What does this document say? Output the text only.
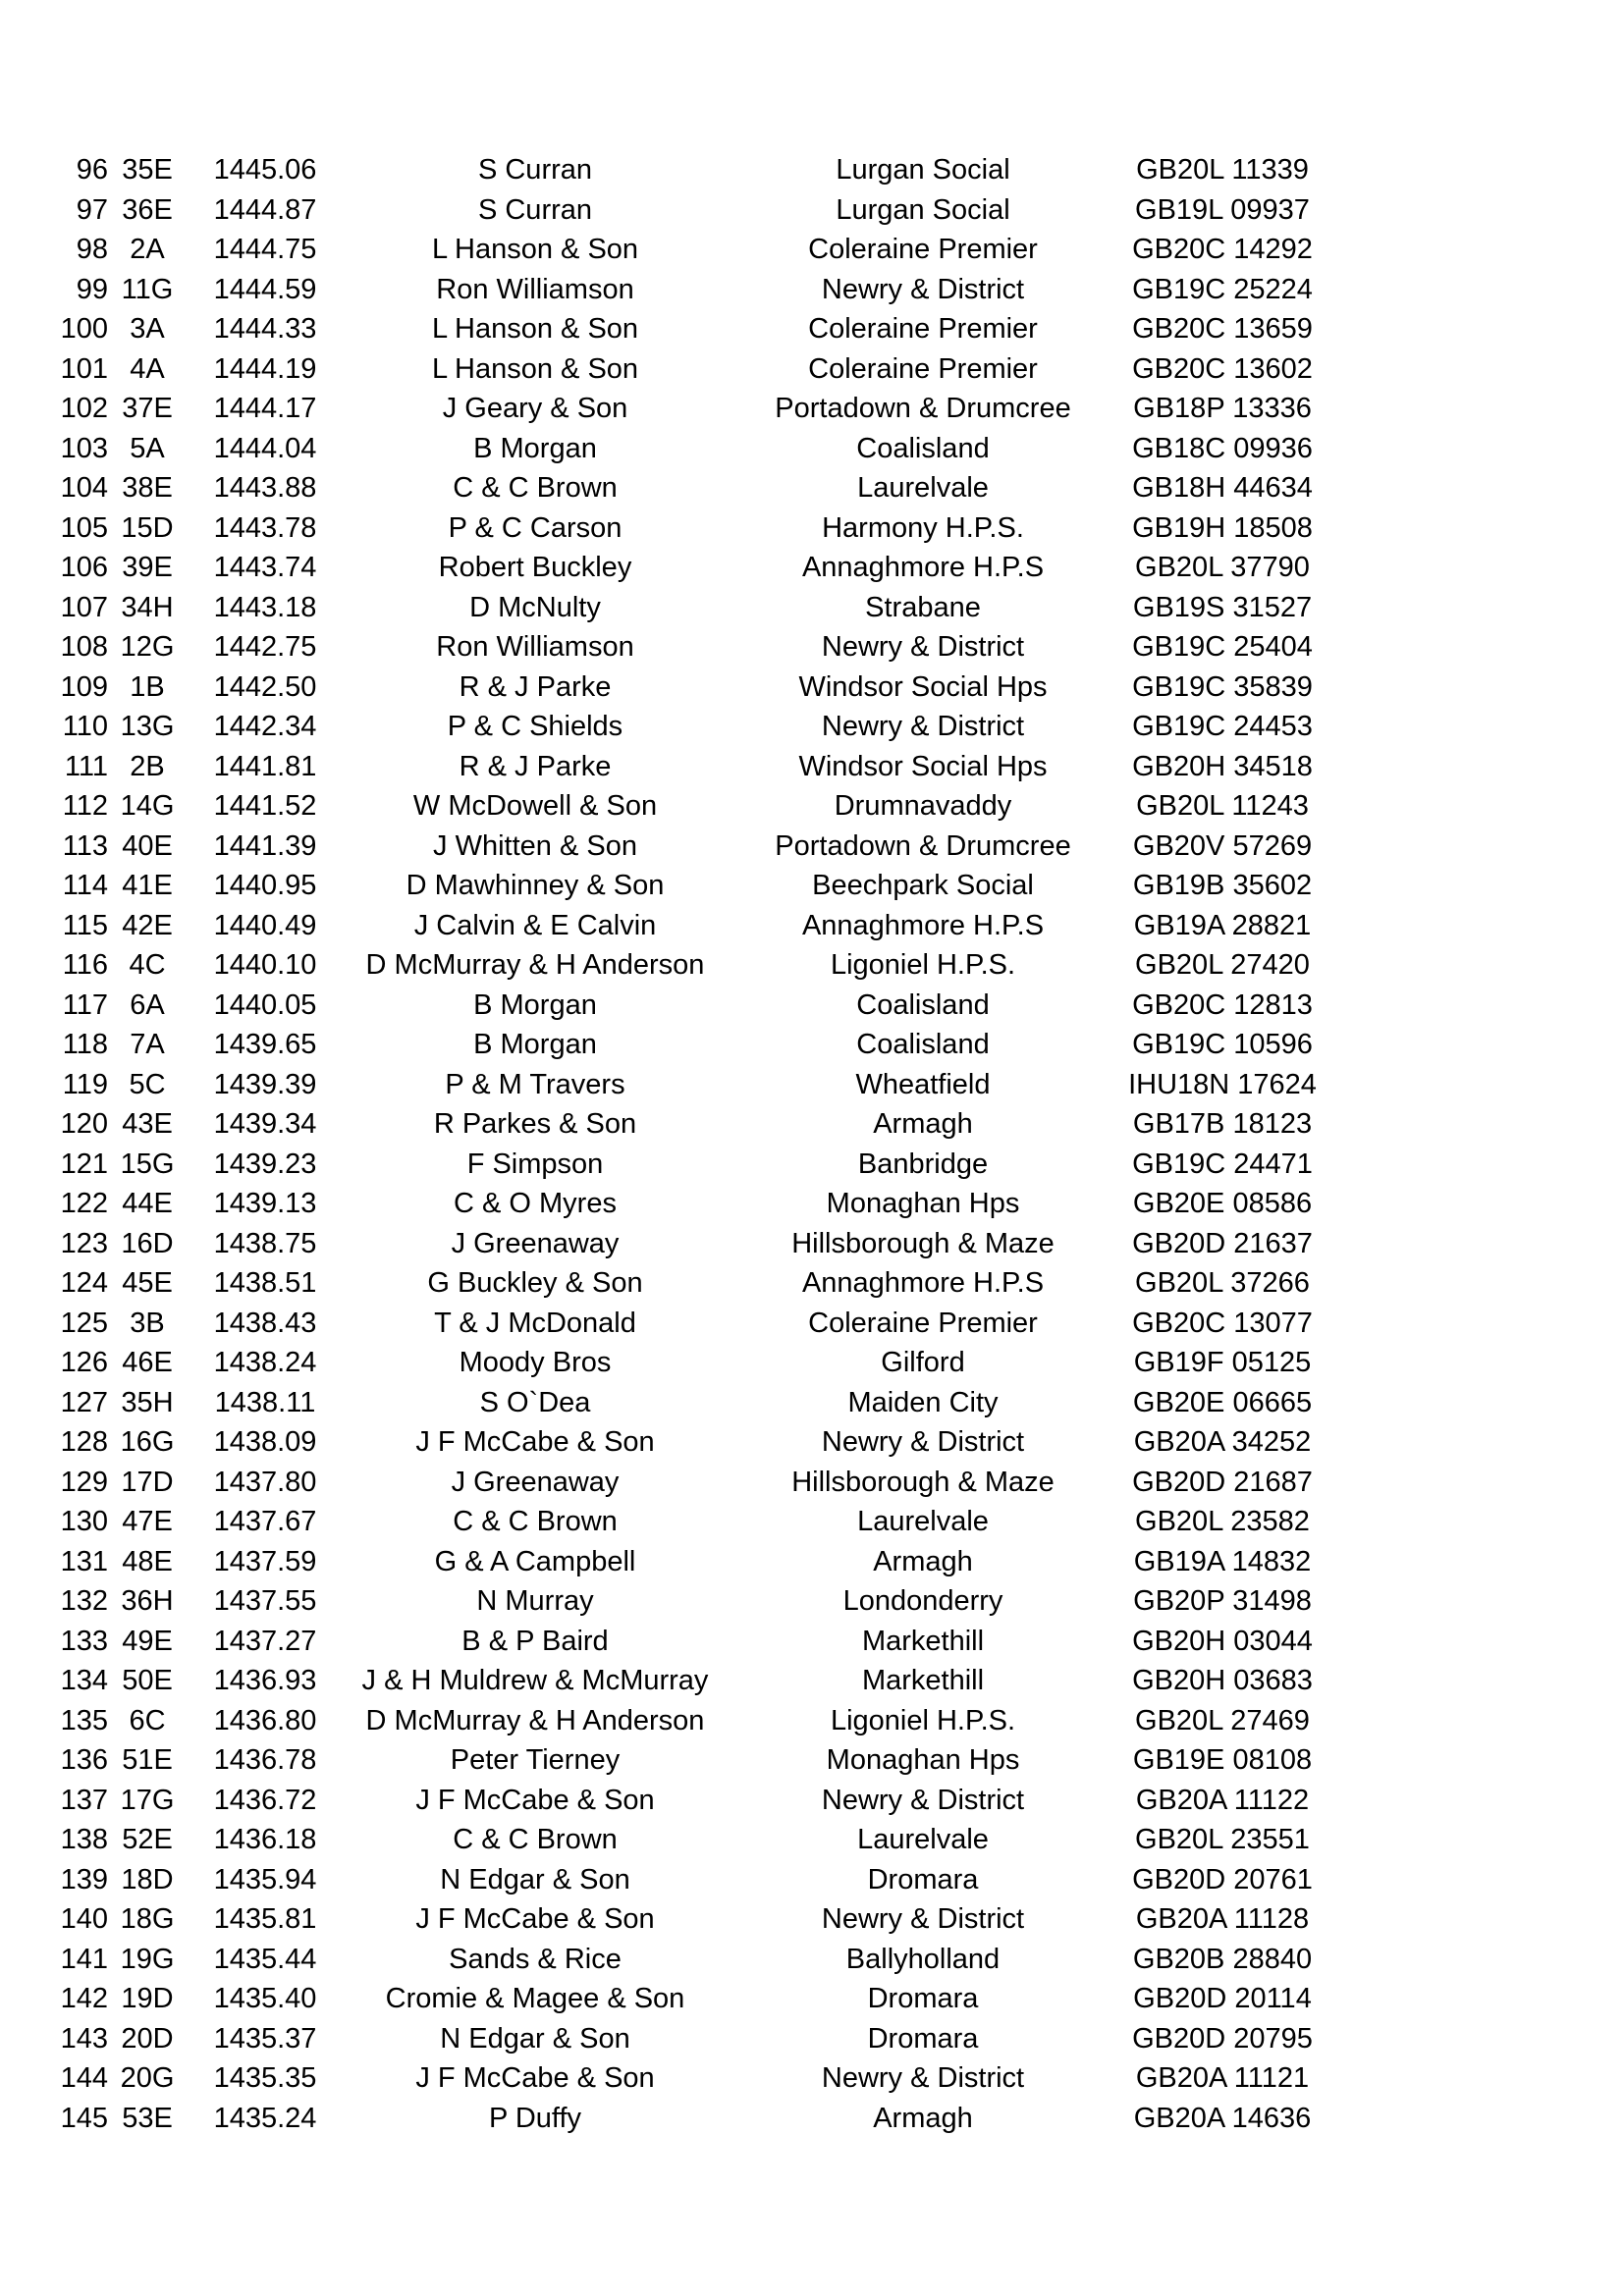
96 35E	1445.06	S Curran	Lurgan Social	GB20L 11339
97 36E	1444.87	S Curran	Lurgan Social	GB19L 09937
98 2A	1444.75	L Hanson & Son	Coleraine Premier	GB20C 14292
99 11G	1444.59	Ron Williamson	Newry & District	GB19C 25224
100 3A	1444.33	L Hanson & Son	Coleraine Premier	GB20C 13659
101 4A	1444.19	L Hanson & Son	Coleraine Premier	GB20C 13602
102 37E	1444.17	J Geary & Son	Portadown & Drumcree	GB18P 13336
103 5A	1444.04	B Morgan	Coalisland	GB18C 09936
104 38E	1443.88	C & C Brown	Laurelvale	GB18H 44634
105 15D	1443.78	P & C Carson	Harmony H.P.S.	GB19H 18508
106 39E	1443.74	Robert Buckley	Annaghmore H.P.S	GB20L 37790
107 34H	1443.18	D McNulty	Strabane	GB19S 31527
108 12G	1442.75	Ron Williamson	Newry & District	GB19C 25404
109 1B	1442.50	R & J Parke	Windsor Social Hps	GB19C 35839
110 13G	1442.34	P & C Shields	Newry & District	GB19C 24453
111 2B	1441.81	R & J Parke	Windsor Social Hps	GB20H 34518
112 14G	1441.52	W McDowell & Son	Drumnavaddy	GB20L 11243
113 40E	1441.39	J Whitten & Son	Portadown & Drumcree	GB20V 57269
114 41E	1440.95	D Mawhinney & Son	Beechpark Social	GB19B 35602
115 42E	1440.49	J Calvin & E Calvin	Annaghmore H.P.S	GB19A 28821
116 4C	1440.10	D McMurray & H Anderson	Ligoniel H.P.S.	GB20L 27420
117 6A	1440.05	B Morgan	Coalisland	GB20C 12813
118 7A	1439.65	B Morgan	Coalisland	GB19C 10596
119 5C	1439.39	P & M Travers	Wheatfield	IHU18N 17624
120 43E	1439.34	R Parkes & Son	Armagh	GB17B 18123
121 15G	1439.23	F Simpson	Banbridge	GB19C 24471
122 44E	1439.13	C & O Myres	Monaghan Hps	GB20E 08586
123 16D	1438.75	J Greenaway	Hillsborough & Maze	GB20D 21637
124 45E	1438.51	G Buckley & Son	Annaghmore H.P.S	GB20L 37266
125 3B	1438.43	T & J McDonald	Coleraine Premier	GB20C 13077
126 46E	1438.24	Moody Bros	Gilford	GB19F 05125
127 35H	1438.11	S O`Dea	Maiden City	GB20E 06665
128 16G	1438.09	J F McCabe & Son	Newry & District	GB20A 34252
129 17D	1437.80	J Greenaway	Hillsborough & Maze	GB20D 21687
130 47E	1437.67	C & C Brown	Laurelvale	GB20L 23582
131 48E	1437.59	G & A Campbell	Armagh	GB19A 14832
132 36H	1437.55	N Murray	Londonderry	GB20P 31498
133 49E	1437.27	B & P Baird	Markethill	GB20H 03044
134 50E	1436.93	J & H Muldrew & McMurray	Markethill	GB20H 03683
135 6C	1436.80	D McMurray & H Anderson	Ligoniel H.P.S.	GB20L 27469
136 51E	1436.78	Peter Tierney	Monaghan Hps	GB19E 08108
137 17G	1436.72	J F McCabe & Son	Newry & District	GB20A 11122
138 52E	1436.18	C & C Brown	Laurelvale	GB20L 23551
139 18D	1435.94	N Edgar & Son	Dromara	GB20D 20761
140 18G	1435.81	J F McCabe & Son	Newry & District	GB20A 11128
141 19G	1435.44	Sands & Rice	Ballyholland	GB20B 28840
142 19D	1435.40	Cromie & Magee & Son	Dromara	GB20D 20114
143 20D	1435.37	N Edgar & Son	Dromara	GB20D 20795
144 20G	1435.35	J F McCabe & Son	Newry & District	GB20A 11121
145 53E	1435.24	P Duffy	Armagh	GB20A 14636
